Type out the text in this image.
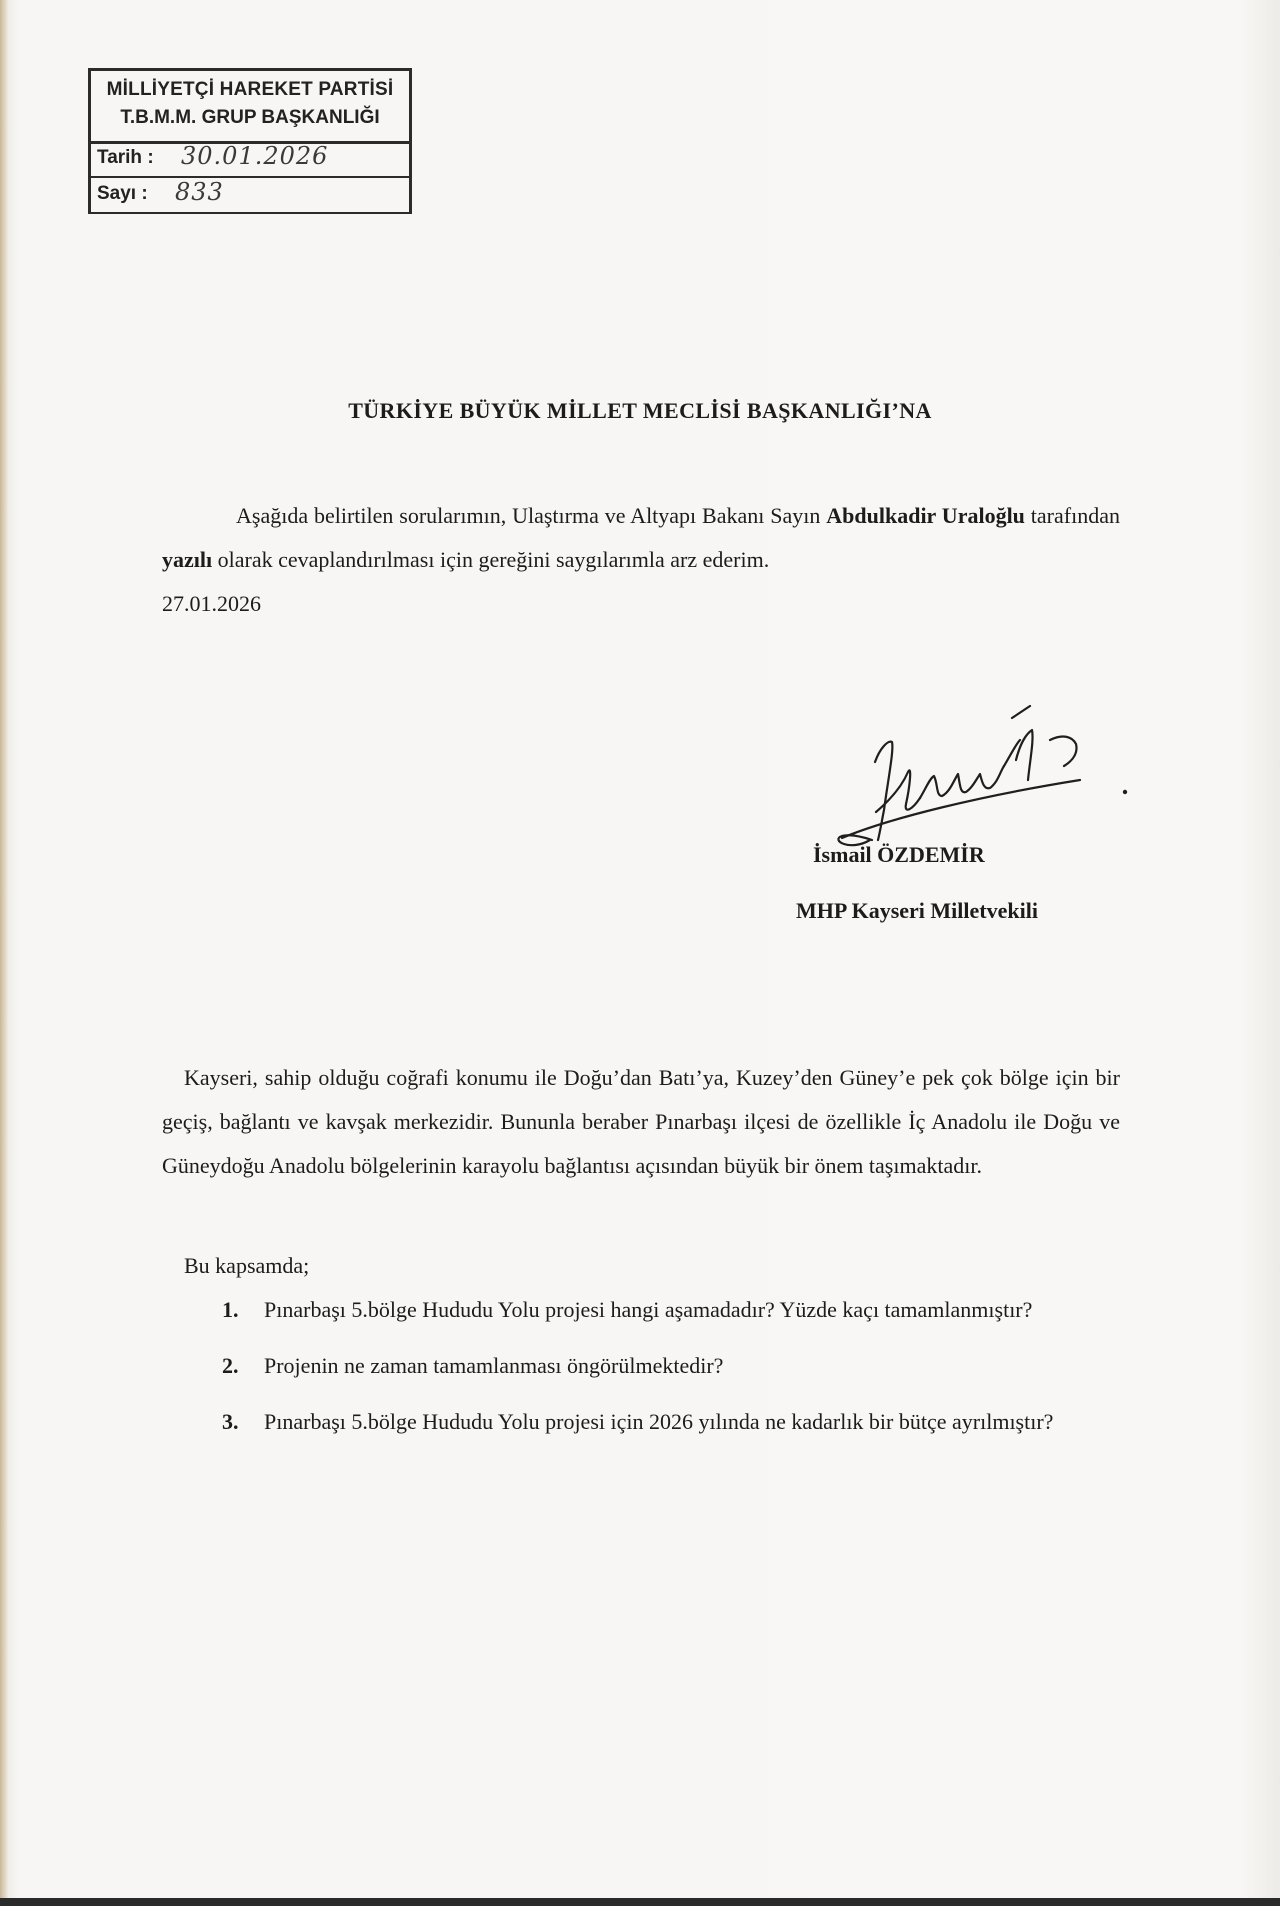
MİLLİYETÇİ HAREKET PARTİSİ
T.B.M.M. GRUP BAŞKANLIĞI
Tarih : 30.01.2026
Sayı : 833
TÜRKİYE BÜYÜK MİLLET MECLİSİ BAŞKANLIĞI’NA
Aşağıda belirtilen sorularımın, Ulaştırma ve Altyapı Bakanı Sayın Abdulkadir Uraloğlu tarafından yazılı olarak cevaplandırılması için gereğini saygılarımla arz ederim.
27.01.2026
İsmail ÖZDEMİR
MHP Kayseri Milletvekili
Kayseri, sahip olduğu coğrafi konumu ile Doğu’dan Batı’ya, Kuzey’den Güney’e pek çok bölge için bir geçiş, bağlantı ve kavşak merkezidir. Bununla beraber Pınarbaşı ilçesi de özellikle İç Anadolu ile Doğu ve Güneydoğu Anadolu bölgelerinin karayolu bağlantısı açısından büyük bir önem taşımaktadır.
Bu kapsamda;
1. Pınarbaşı 5.bölge Hududu Yolu projesi hangi aşamadadır? Yüzde kaçı tamamlanmıştır?
2. Projenin ne zaman tamamlanması öngörülmektedir?
3. Pınarbaşı 5.bölge Hududu Yolu projesi için 2026 yılında ne kadarlık bir bütçe ayrılmıştır?
